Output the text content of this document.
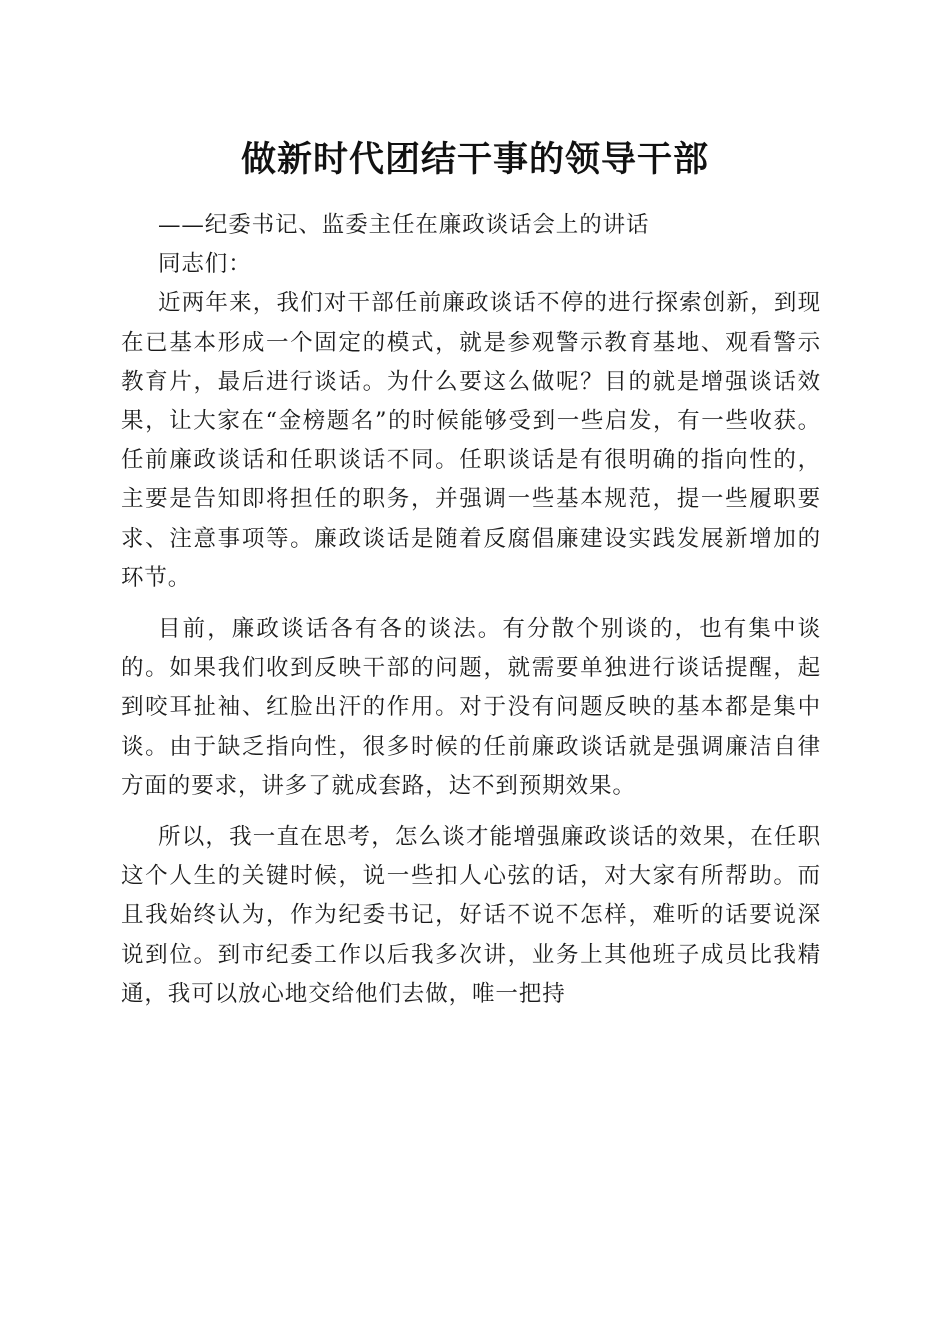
做新时代团结干事的领导干部

——纪委书记、监委主任在廉政谈话会上的讲话

同志们：

近两年来，我们对干部任前廉政谈话不停的进行探索创新，到现在已基本形成一个固定的模式，就是参观警示教育基地、观看警示教育片，最后进行谈话。为什么要这么做呢？目的就是增强谈话效果，让大家在“金榜题名”的时候能够受到一些启发，有一些收获。任前廉政谈话和任职谈话不同。任职谈话是有很明确的指向性的，主要是告知即将担任的职务，并强调一些基本规范，提一些履职要求、注意事项等。廉政谈话是随着反腐倡廉建设实践发展新增加的环节。

目前，廉政谈话各有各的谈法。有分散个别谈的，也有集中谈的。如果我们收到反映干部的问题，就需要单独进行谈话提醒，起到咬耳扯袖、红脸出汗的作用。对于没有问题反映的基本都是集中谈。由于缺乏指向性，很多时候的任前廉政谈话就是强调廉洁自律方面的要求，讲多了就成套路，达不到预期效果。

所以，我一直在思考，怎么谈才能增强廉政谈话的效果，在任职这个人生的关键时候，说一些扣人心弦的话，对大家有所帮助。而且我始终认为，作为纪委书记，好话不说不怎样，难听的话要说深说到位。到市纪委工作以后我多次讲，业务上其他班子成员比我精通，我可以放心地交给他们去做，唯一把持
